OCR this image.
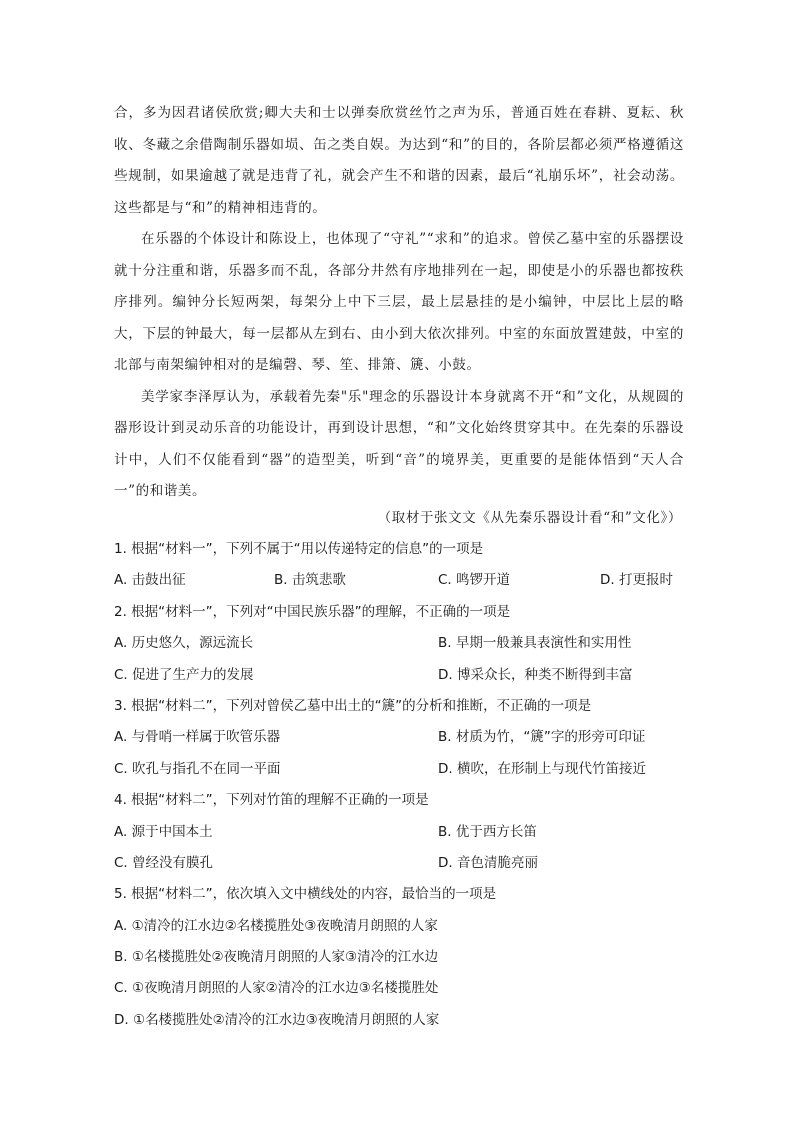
合，多为因君诸侯欣赏;卿大夫和士以弹奏欣赏丝竹之声为乐，普通百姓在春耕、夏耘、秋收、冬藏之余借陶制乐器如埙、缶之类自娱。为达到“和”的目的，各阶层都必须严格遵循这些规制，如果逾越了就是违背了礼，就会产生不和谐的因素，最后“礼崩乐坏”，社会动荡。这些都是与“和”的精神相违背的。

在乐器的个体设计和陈设上，也体现了“守礼”“求和”的追求。曾侯乙墓中室的乐器摆设就十分注重和谐，乐器多而不乱，各部分井然有序地排列在一起，即使是小的乐器也都按秩序排列。编钟分长短两架，每架分上中下三层，最上层悬挂的是小编钟，中层比上层的略大，下层的钟最大，每一层都从左到右、由小到大依次排列。中室的东面放置建鼓，中室的北部与南架编钟相对的是编磬、琴、笙、排箫、篪、小鼓。

美学家李泽厚认为，承载着先秦"乐"理念的乐器设计本身就离不开“和”文化，从规圆的器形设计到灵动乐音的功能设计，再到设计思想，“和”文化始终贯穿其中。在先秦的乐器设计中，人们不仅能看到“器”的造型美，听到“音”的境界美，更重要的是能体悟到“天人合一”的和谐美。

（取材于张文文《从先秦乐器设计看“和”文化》）
1. 根据“材料一”，下列不属于“用以传递特定的信息”的一项是
A. 击鼓出征	B. 击筑悲歌	C. 鸣锣开道	D. 打更报时
2. 根据“材料一”，下列对“中国民族乐器”的理解，不正确的一项是
A. 历史悠久，源远流长	B. 早期一般兼具表演性和实用性
C. 促进了生产力的发展	D. 博采众长，种类不断得到丰富
3. 根据“材料二”，下列对曾侯乙墓中出土的“篪”的分析和推断，不正确的一项是
A. 与骨哨一样属于吹管乐器	B. 材质为竹，“篪”字的形旁可印证
C. 吹孔与指孔不在同一平面	D. 横吹，在形制上与现代竹笛接近
4. 根据“材料二”，下列对竹笛的理解不正确的一项是
A. 源于中国本土	B. 优于西方长笛
C. 曾经没有膜孔	D. 音色清脆亮丽
5. 根据“材料二”，依次填入文中横线处的内容，最恰当的一项是
A. ①清冷的江水边②名楼揽胜处③夜晚清月朗照的人家
B. ①名楼揽胜处②夜晚清月朗照的人家③清冷的江水边
C. ①夜晚清月朗照的人家②清冷的江水边③名楼揽胜处
D. ①名楼揽胜处②清冷的江水边③夜晚清月朗照的人家
